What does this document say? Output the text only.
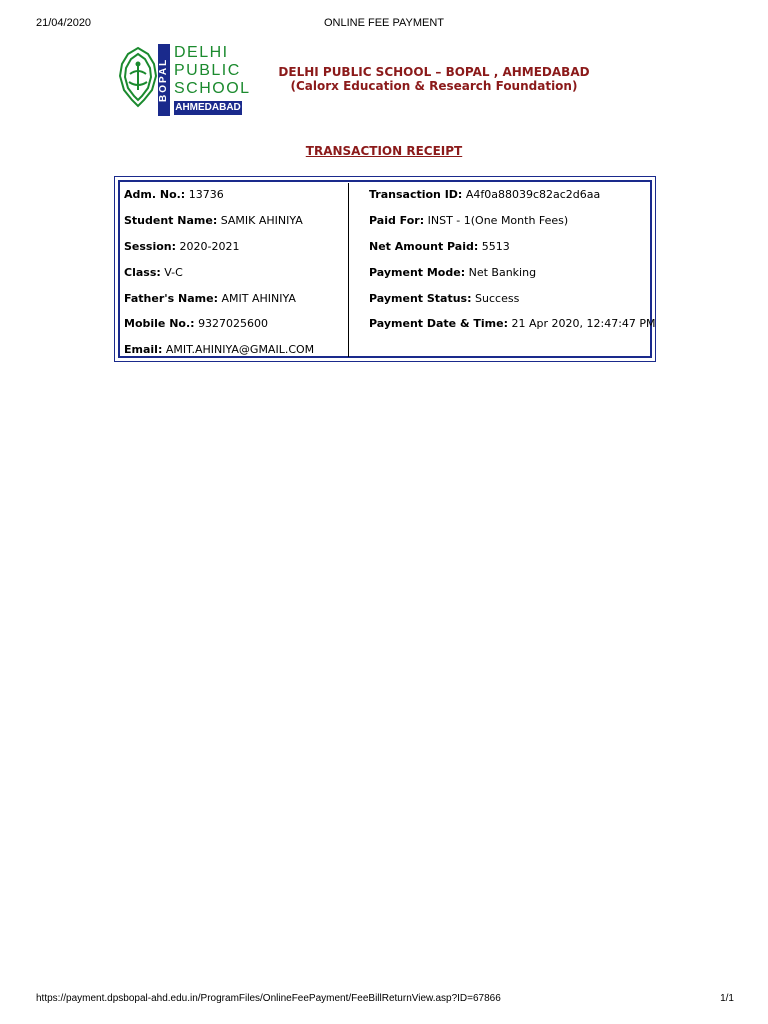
21/04/2020	ONLINE FEE PAYMENT
BOPAL
DELHI
PUBLIC
SCHOOL
AHMEDABAD
DELHI PUBLIC SCHOOL – BOPAL , AHMEDABAD
(Calorx Education & Research Foundation)
TRANSACTION RECEIPT
Adm. No.: 13736
Student Name: SAMIK AHINIYA
Session: 2020-2021
Class: V-C
Father's Name: AMIT AHINIYA
Mobile No.: 9327025600
Email: AMIT.AHINIYA@GMAIL.COM
Transaction ID: A4f0a88039c82ac2d6aa
Paid For: INST - 1(One Month Fees)
Net Amount Paid: 5513
Payment Mode: Net Banking
Payment Status: Success
Payment Date & Time: 21 Apr 2020, 12:47:47 PM
https://payment.dpsbopal-ahd.edu.in/ProgramFiles/OnlineFeePayment/FeeBillReturnView.asp?ID=67866	1/1
